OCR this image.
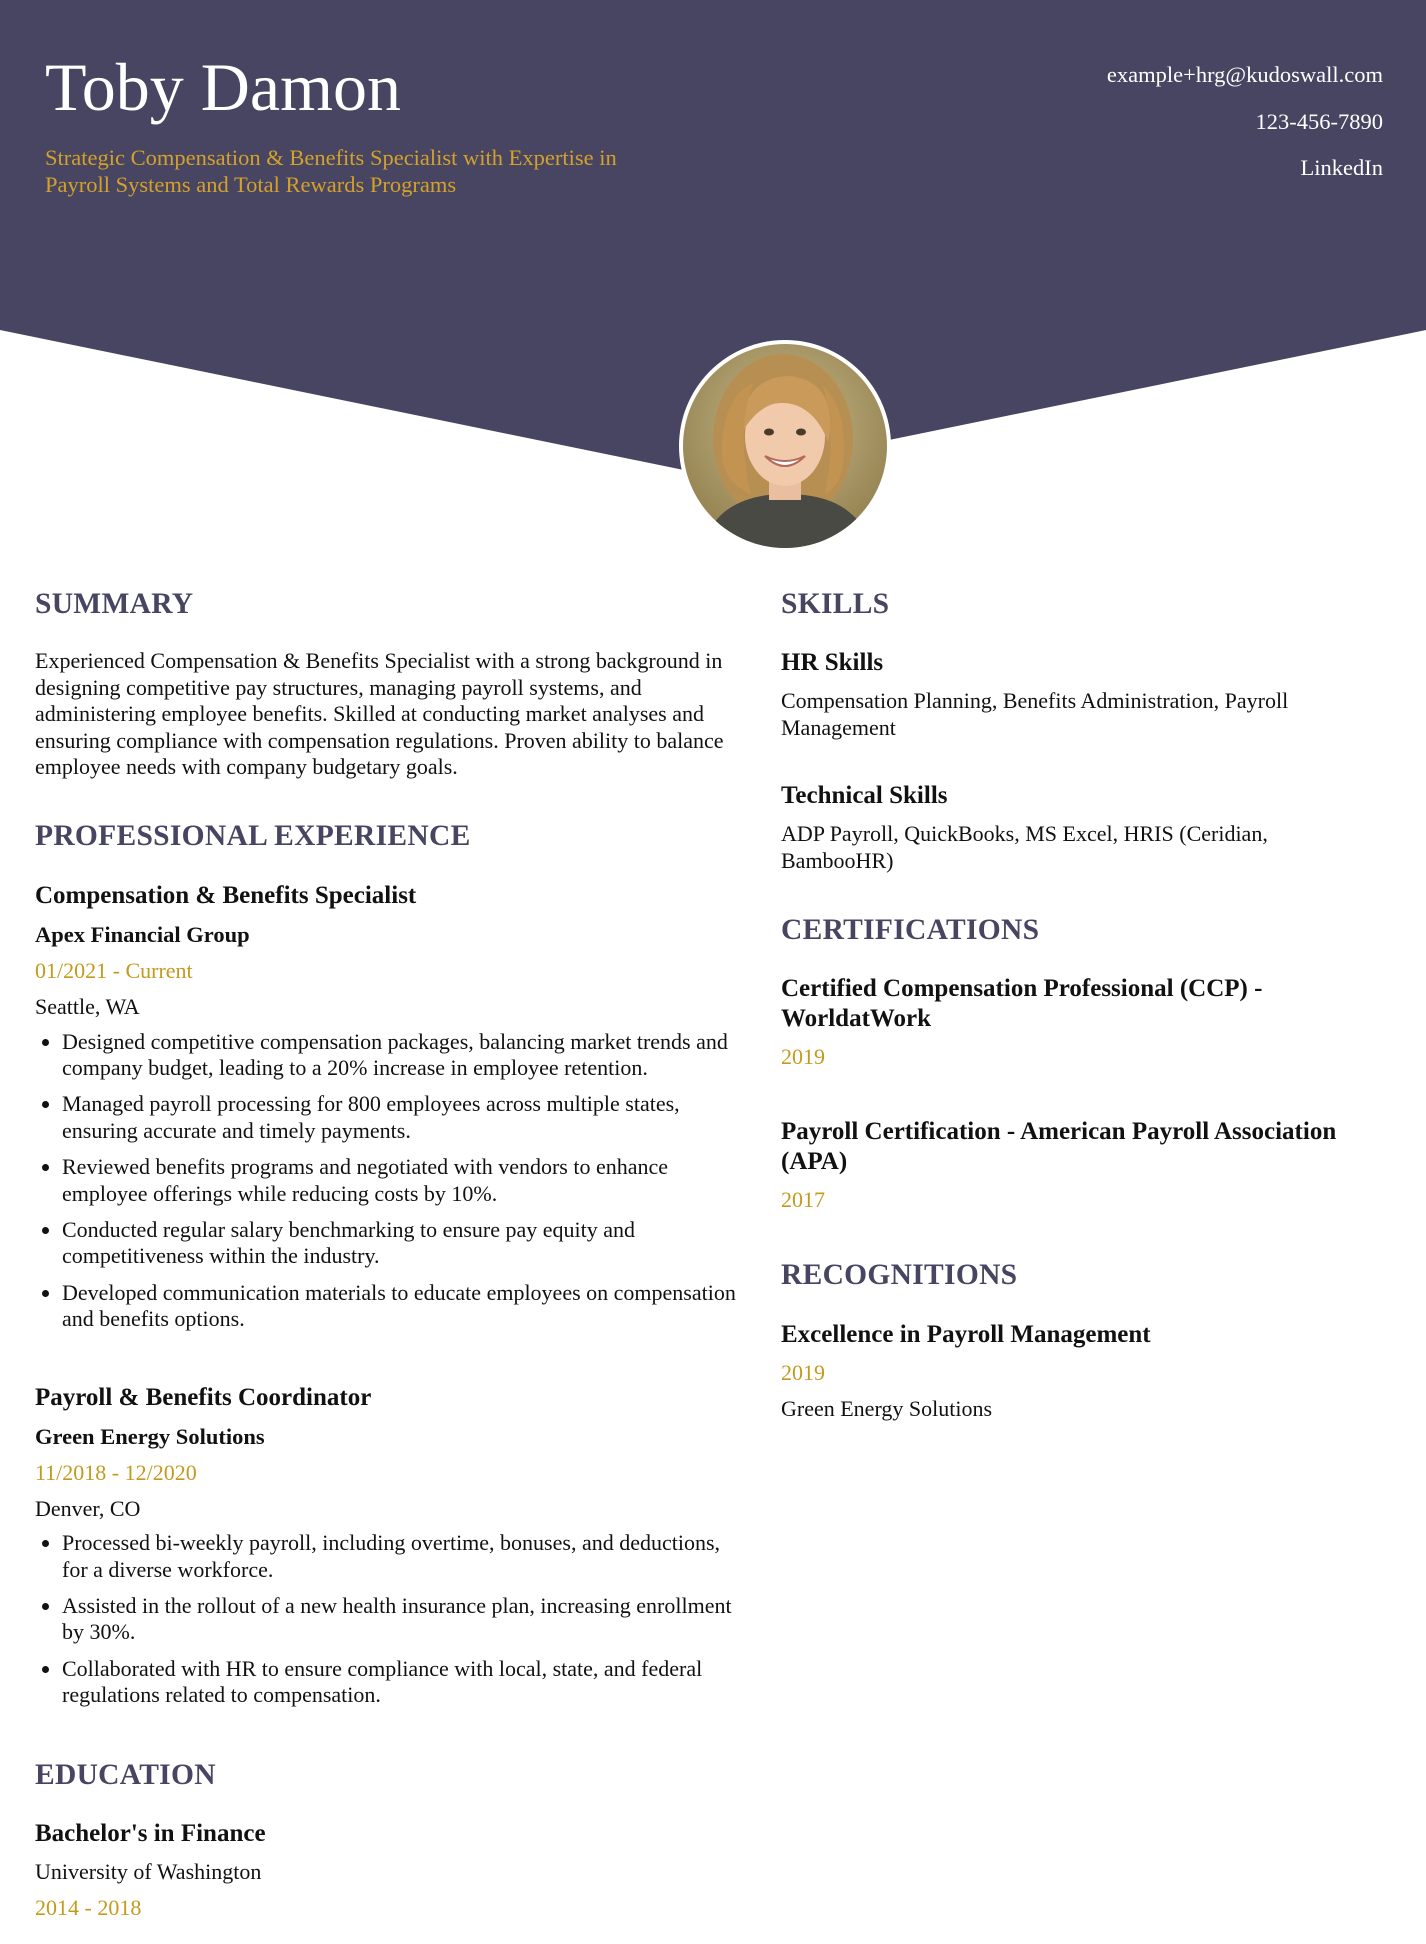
Toby Damon

Strategic Compensation & Benefits Specialist with Expertise in Payroll Systems and Total Rewards Programs

example+hrg@kudoswall.com
123-456-7890
LinkedIn
SUMMARY

Experienced Compensation & Benefits Specialist with a strong background in designing competitive pay structures, managing payroll systems, and administering employee benefits. Skilled at conducting market analyses and ensuring compliance with compensation regulations. Proven ability to balance employee needs with company budgetary goals.

PROFESSIONAL EXPERIENCE
Compensation & Benefits Specialist
Apex Financial Group
01/2021 - Current
Seattle, WA
• Designed competitive compensation packages, balancing market trends and company budget, leading to a 20% increase in employee retention.
• Managed payroll processing for 800 employees across multiple states, ensuring accurate and timely payments.
• Reviewed benefits programs and negotiated with vendors to enhance employee offerings while reducing costs by 10%.
• Conducted regular salary benchmarking to ensure pay equity and competitiveness within the industry.
• Developed communication materials to educate employees on compensation and benefits options.
Payroll & Benefits Coordinator
Green Energy Solutions
11/2018 - 12/2020
Denver, CO
• Processed bi-weekly payroll, including overtime, bonuses, and deductions, for a diverse workforce.
• Assisted in the rollout of a new health insurance plan, increasing enrollment by 30%.
• Collaborated with HR to ensure compliance with local, state, and federal regulations related to compensation.
EDUCATION
Bachelor's in Finance
University of Washington
2014 - 2018
SKILLS
HR Skills

Compensation Planning, Benefits Administration, Payroll Management

Technical Skills

ADP Payroll, QuickBooks, MS Excel, HRIS (Ceridian, BambooHR)

CERTIFICATIONS
Certified Compensation Professional (CCP) - WorldatWork
2019
Payroll Certification - American Payroll Association (APA)
2017
RECOGNITIONS
Excellence in Payroll Management
2019
Green Energy Solutions
